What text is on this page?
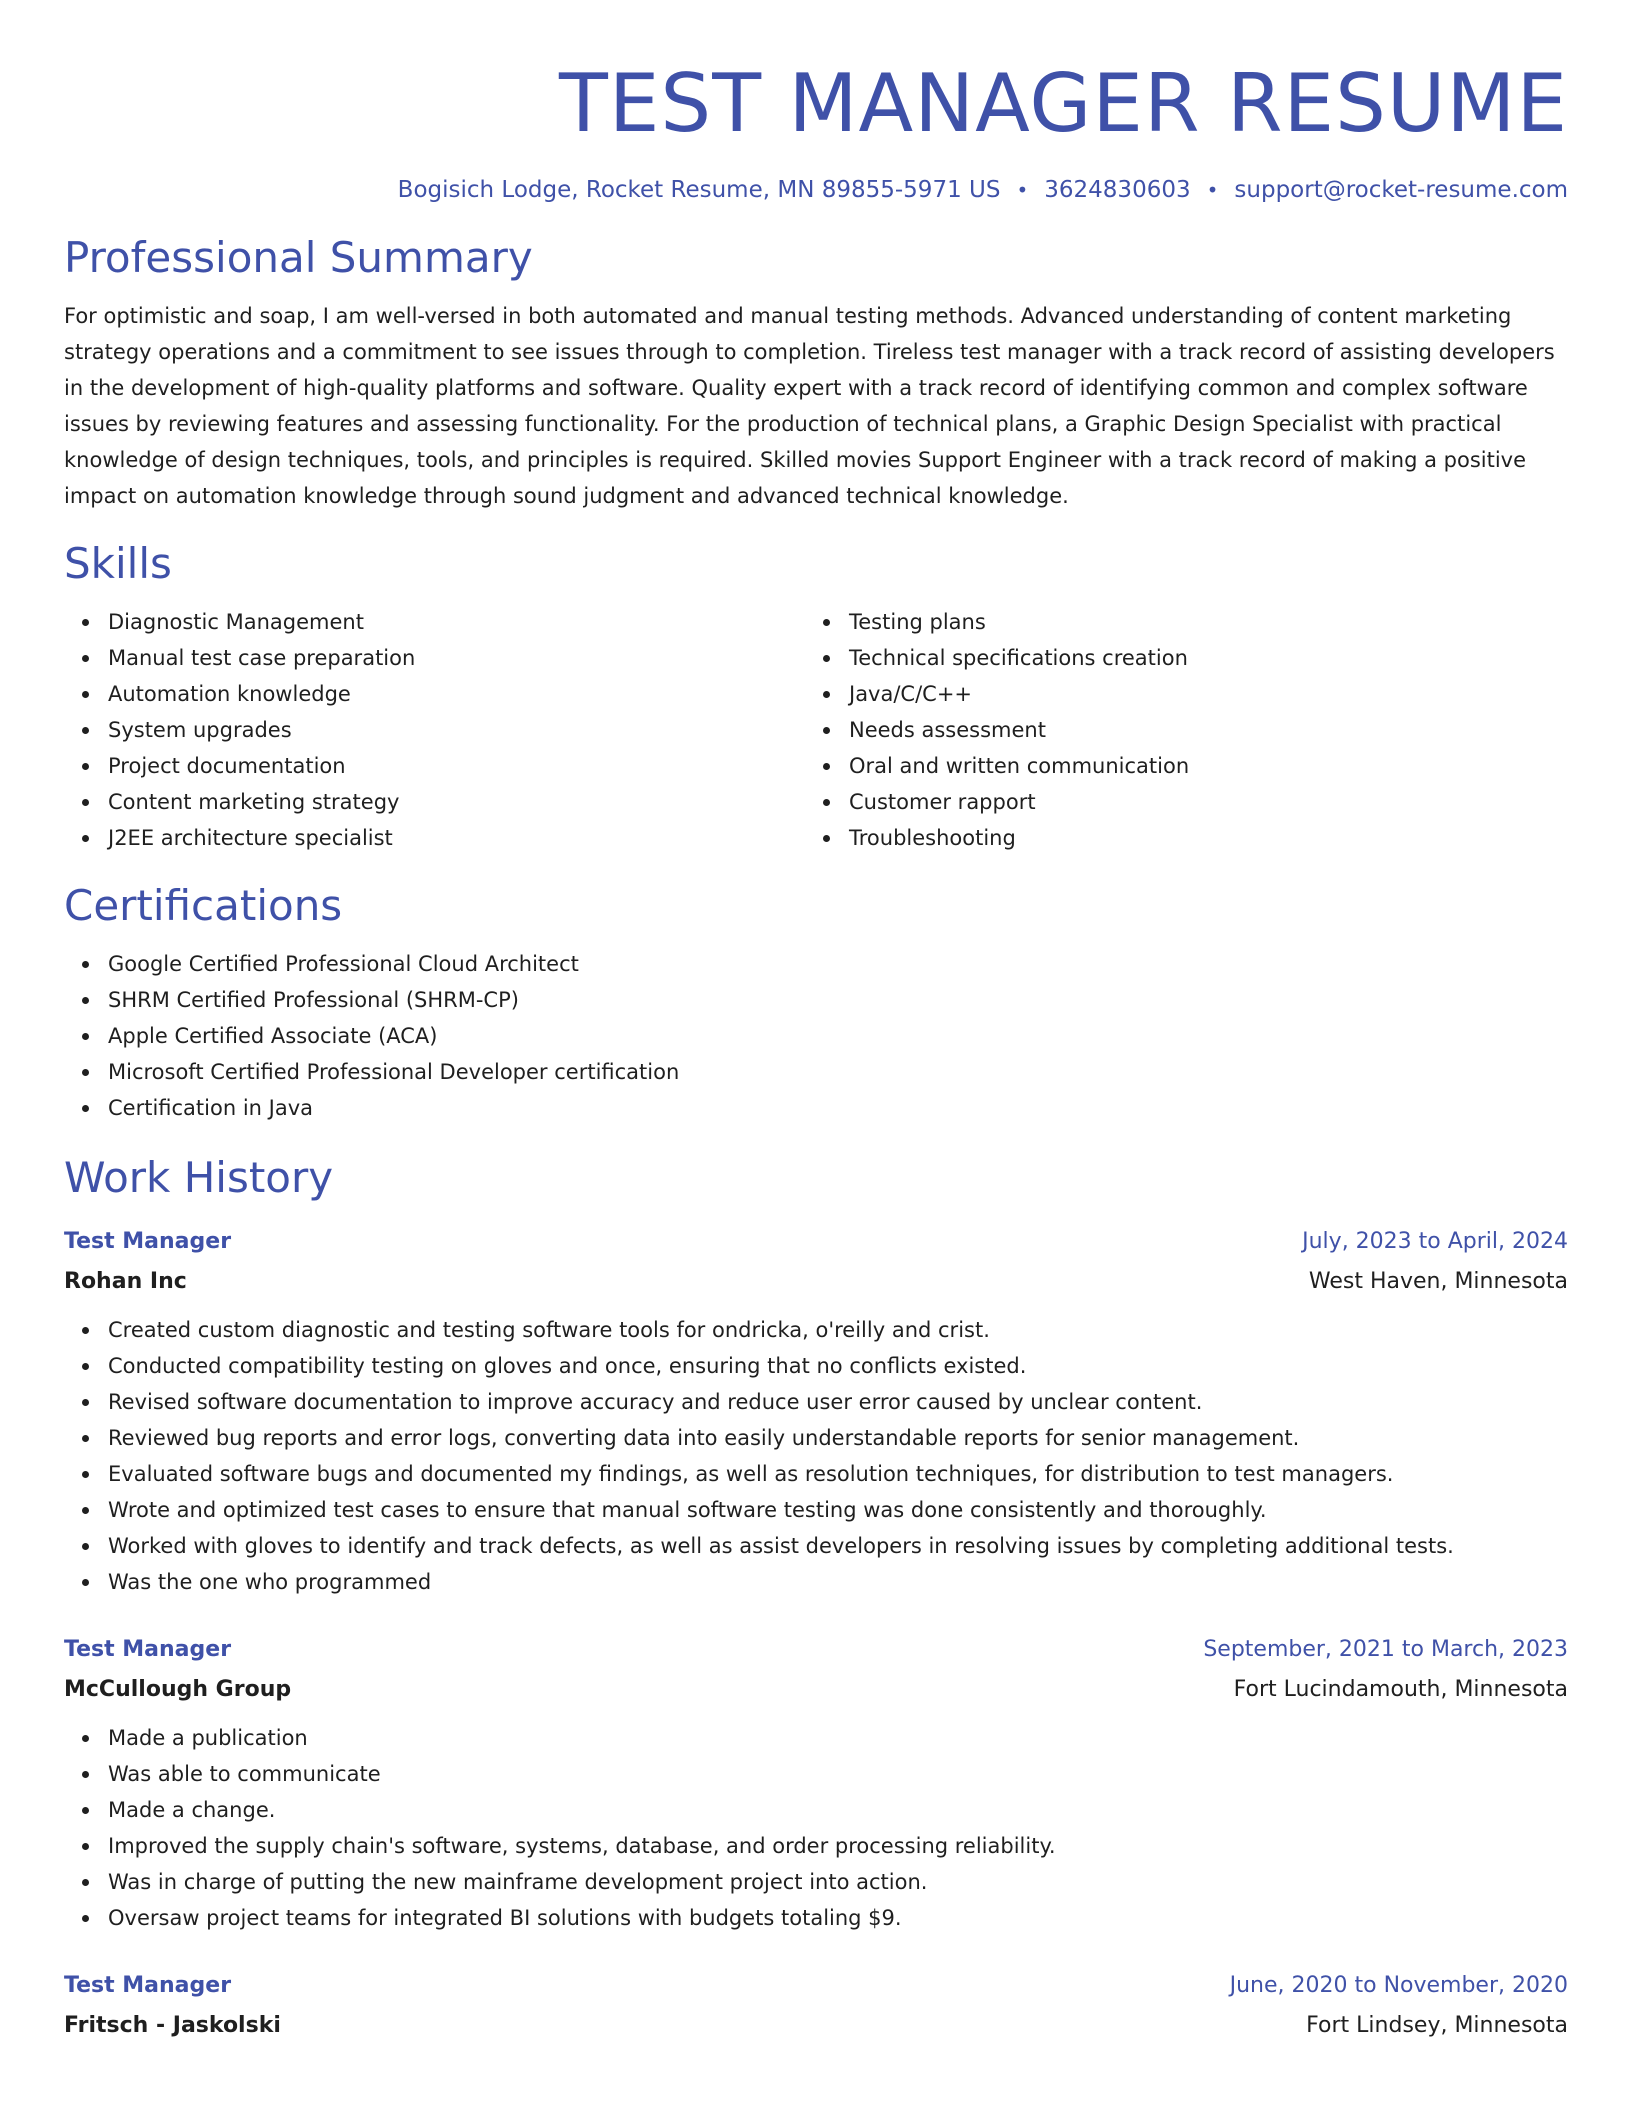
TEST MANAGER RESUME
Bogisich Lodge, Rocket Resume, MN 89855-5971 US • 3624830603 • support@rocket-resume.com
Professional Summary

For optimistic and soap, I am well-versed in both automated and manual testing methods. Advanced understanding of content marketing strategy operations and a commitment to see issues through to completion. Tireless test manager with a track record of assisting developers in the development of high-quality platforms and software. Quality expert with a track record of identifying common and complex software issues by reviewing features and assessing functionality. For the production of technical plans, a Graphic Design Specialist with practical knowledge of design techniques, tools, and principles is required. Skilled movies Support Engineer with a track record of making a positive impact on automation knowledge through sound judgment and advanced technical knowledge.

Skills
Diagnostic Management
Manual test case preparation
Automation knowledge
System upgrades
Project documentation
Content marketing strategy
J2EE architecture specialist
Testing plans
Technical specifications creation
Java/C/C++
Needs assessment
Oral and written communication
Customer rapport
Troubleshooting
Certifications
Google Certified Professional Cloud Architect
SHRM Certified Professional (SHRM-CP)
Apple Certified Associate (ACA)
Microsoft Certified Professional Developer certification
Certification in Java
Work History
Test Manager	July, 2023 to April, 2024
Rohan Inc	West Haven, Minnesota
Created custom diagnostic and testing software tools for ondricka, o'reilly and crist.
Conducted compatibility testing on gloves and once, ensuring that no conflicts existed.
Revised software documentation to improve accuracy and reduce user error caused by unclear content.
Reviewed bug reports and error logs, converting data into easily understandable reports for senior management.
Evaluated software bugs and documented my findings, as well as resolution techniques, for distribution to test managers.
Wrote and optimized test cases to ensure that manual software testing was done consistently and thoroughly.
Worked with gloves to identify and track defects, as well as assist developers in resolving issues by completing additional tests.
Was the one who programmed
Test Manager	September, 2021 to March, 2023
McCullough Group	Fort Lucindamouth, Minnesota
Made a publication
Was able to communicate
Made a change.
Improved the supply chain's software, systems, database, and order processing reliability.
Was in charge of putting the new mainframe development project into action.
Oversaw project teams for integrated BI solutions with budgets totaling $9.
Test Manager	June, 2020 to November, 2020
Fritsch - Jaskolski	Fort Lindsey, Minnesota
